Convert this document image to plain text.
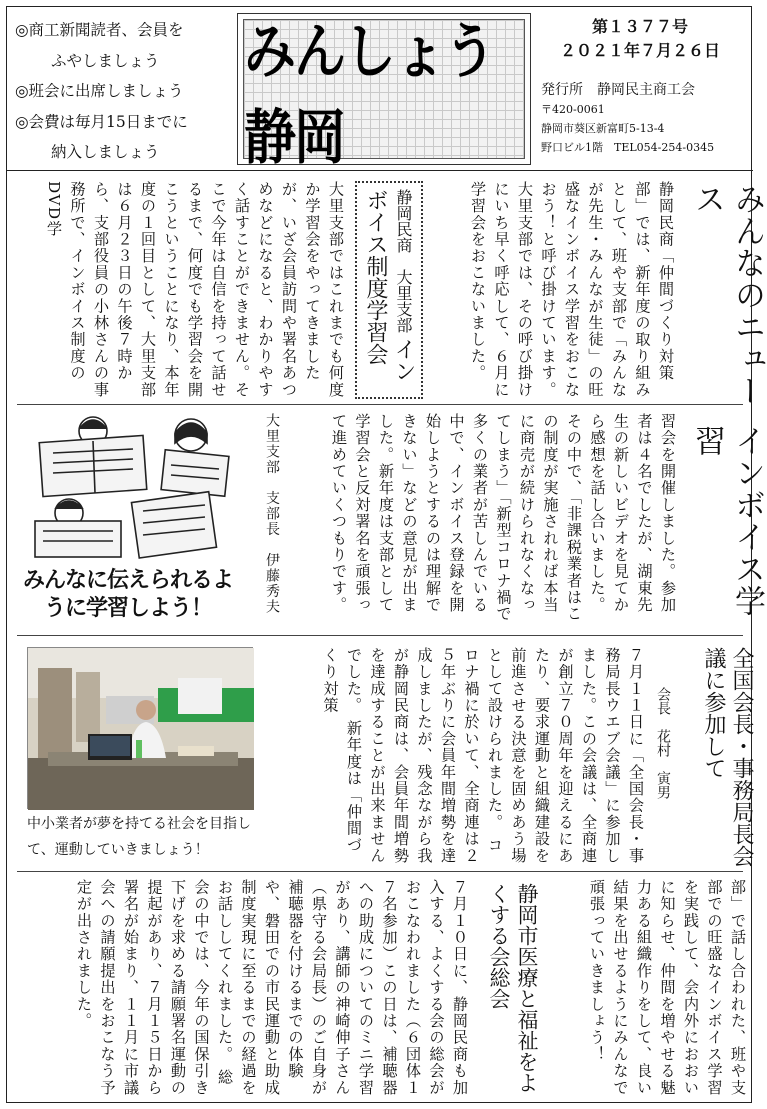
◎商工新聞読者、会員を
ふやしましょう
◎班会に出席しましょう
◎会費は毎月15日までに
納入しましょう
みんしょう静岡
第１３７７号
２０２１年７月２６日
発行所　静岡民主商工会
〒420-0061
静岡市葵区新富町5-13-4
野口ビル1階　TEL054-254-0345
みんなのニュース
インボイス学習
静岡民商「仲間づくり対策部」では、新年度の取り組みとして、班や支部で「みんなが先生・みんなが生徒」の旺盛なインボイス学習をおこなおう！と呼び掛けています。 大里支部では、その呼び掛けにいち早く呼応して、６月に学習会をおこないました。
静岡民商　大里支部 インボイス制度学習会
大里支部ではこれまでも何度か学習会をやってきましたが、いざ会員訪問や署名あつめなどになると、わかりやすく話すことができません。そこで今年は自信を持って話せるまで、何度でも学習会を開こうということになり、本年度の１回目として、大里支部は６月２３日の午後７時から、支部役員の小林さんの事務所で、インボイス制度のDVD学
習会を開催しました。参加者は４名でしたが、湖東先生の新しいビデオを見てから感想を話し合いました。その中で、「非課税業者はこの制度が実施されれば本当に商売が続けられなくなってしまう」「新型コロナ禍で多くの業者が苦しんでいる中で、インボイス登録を開始しようとするのは理解できない」などの意見が出ました。新年度は支部として学習会と反対署名を頑張って進めていくつもりです。
大里支部　支部長　伊藤秀夫
みんなに伝えられるように学習しよう！
全国会長・事務局長会議に参加して
会長　花村　寅男
７月１１日に「全国会長・事務局長ウエブ会議」に参加しました。この会議は、全商連が創立７０周年を迎えるにあたり、要求運動と組織建設を前進させる決意を固めあう場として設けられました。 コロナ禍に於いて、全商連は２５年ぶりに会員年間増勢を達成しましたが、残念ながら我が静岡民商は、会員年間増勢を達成することが出来ませんでした。 新年度は「仲間づくり対策
中小業者が夢を持てる社会を目指して、運動していきましょう！
部」で話し合われた、班や支部での旺盛なインボイス学習を実践して、会内外におおいに知らせ、仲間を増やせる魅力ある組織作りをして、良い結果を出せるようにみんなで頑張っていきましょう！
静岡市医療と福祉をよくする会総会
７月１０日に、静岡民商も加入する、よくする会の総会がおこなわれました（６団体１７名参加）この日は、補聴器への助成についてのミニ学習があり、講師の神崎伸子さん（県守る会局長）のご自身が補聴器を付けるまでの体験や、磐田での市民運動と助成制度実現に至るまでの経過をお話ししてくれました。 総会の中では、今年の国保引き下げを求める請願署名運動の提起があり、７月１５日から署名が始まり、１１月に市議会への請願提出をおこなう予定が出されました。
